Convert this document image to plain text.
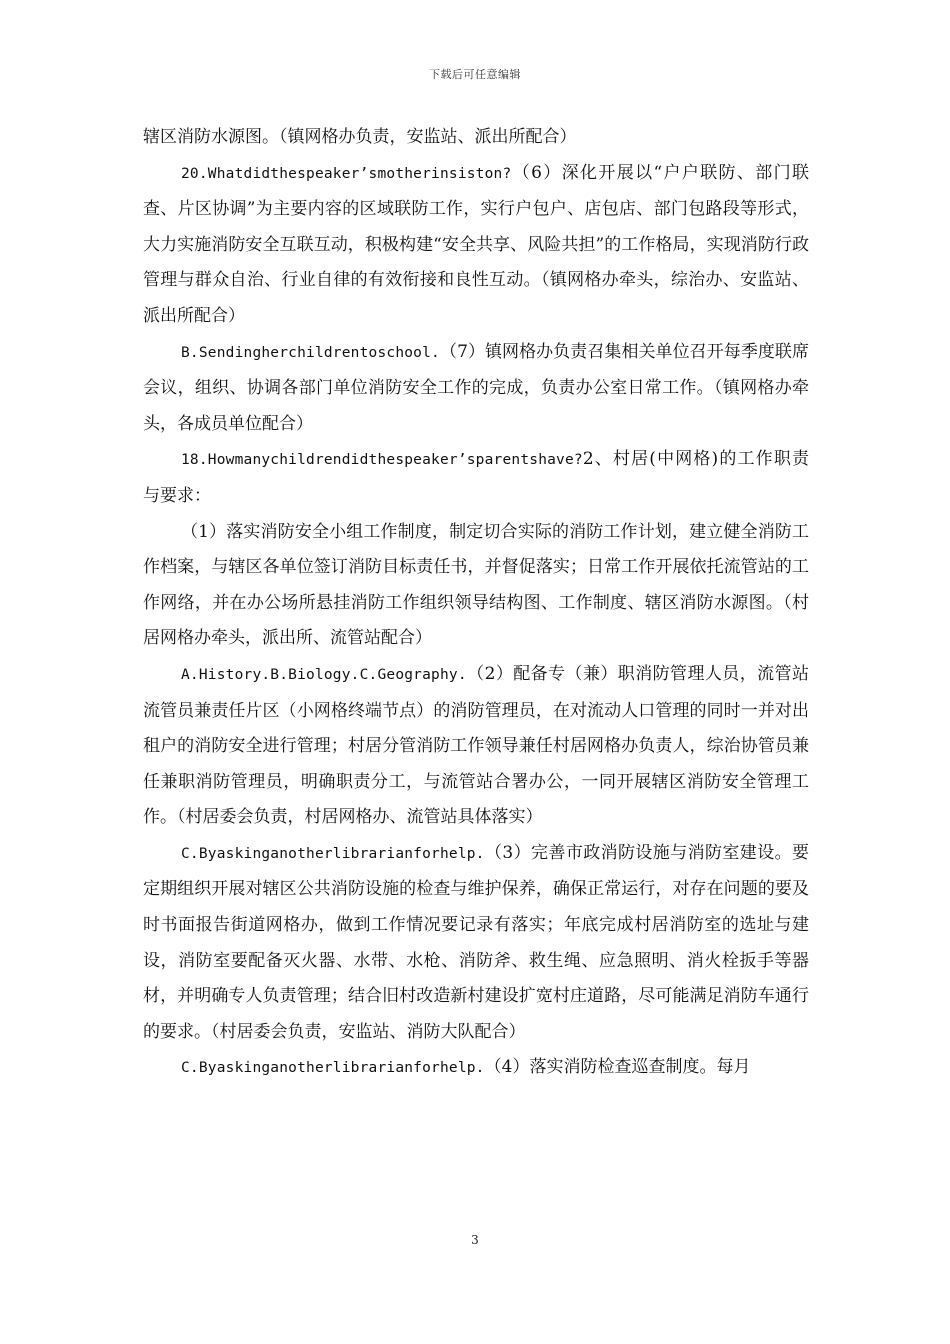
下载后可任意编辑

辖区消防水源图。（镇网格办负责，安监站、派出所配合）

20.Whatdidthespeaker’smotherinsiston?（6）深化开展以“户户联防、部门联查、片区协调”为主要内容的区域联防工作，实行户包户、店包店、部门包路段等形式，大力实施消防安全互联互动，积极构建“安全共享、风险共担”的工作格局，实现消防行政管理与群众自治、行业自律的有效衔接和良性互动。（镇网格办牵头，综治办、安监站、派出所配合）

B.Sendingherchildrentoschool.（7）镇网格办负责召集相关单位召开每季度联席会议，组织、协调各部门单位消防安全工作的完成，负责办公室日常工作。（镇网格办牵头，各成员单位配合）

18.Howmanychildrendidthespeaker’sparentshave?2、村居(中网格)的工作职责与要求：

（1）落实消防安全小组工作制度，制定切合实际的消防工作计划，建立健全消防工作档案，与辖区各单位签订消防目标责任书，并督促落实；日常工作开展依托流管站的工作网络，并在办公场所悬挂消防工作组织领导结构图、工作制度、辖区消防水源图。（村居网格办牵头，派出所、流管站配合）

A.History.B.Biology.C.Geography.（2）配备专（兼）职消防管理人员，流管站流管员兼责任片区（小网格终端节点）的消防管理员，在对流动人口管理的同时一并对出租户的消防安全进行管理；村居分管消防工作领导兼任村居网格办负责人，综治协管员兼任兼职消防管理员，明确职责分工，与流管站合署办公，一同开展辖区消防安全管理工作。（村居委会负责，村居网格办、流管站具体落实）

C.Byaskinganotherlibrarianforhelp.（3）完善市政消防设施与消防室建设。要定期组织开展对辖区公共消防设施的检查与维护保养，确保正常运行，对存在问题的要及时书面报告街道网格办，做到工作情况要记录有落实；年底完成村居消防室的选址与建设，消防室要配备灭火器、水带、水枪、消防斧、救生绳、应急照明、消火栓扳手等器材，并明确专人负责管理；结合旧村改造新村建设扩宽村庄道路，尽可能满足消防车通行的要求。（村居委会负责，安监站、消防大队配合）

C.Byaskinganotherlibrarianforhelp.（4）落实消防检查巡查制度。每月

3
